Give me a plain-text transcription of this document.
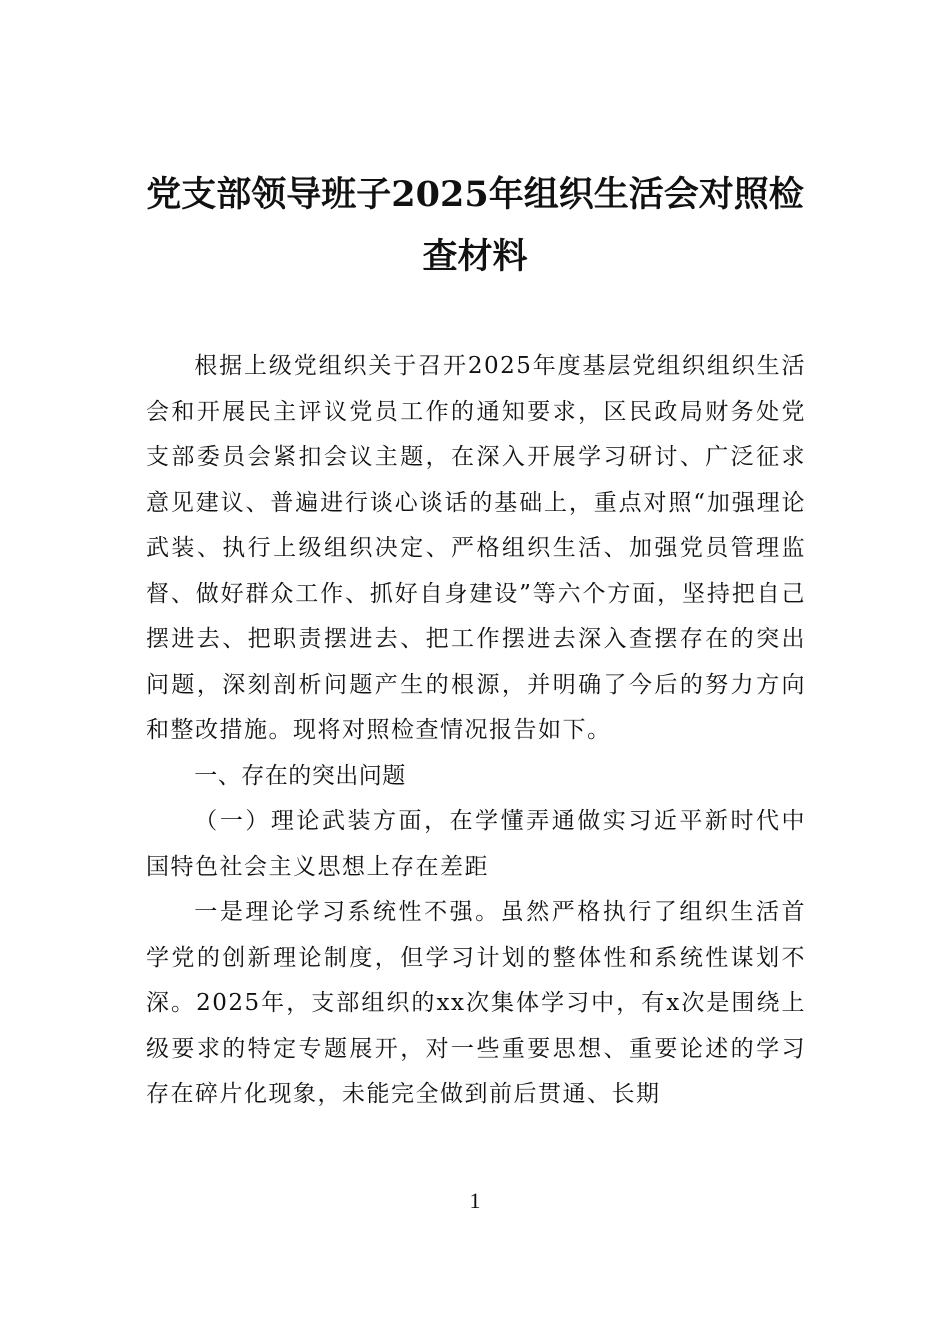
党支部领导班子2025年组织生活会对照检
查材料

根据上级党组织关于召开2025年度基层党组织组织生活会和开展民主评议党员工作的通知要求，区民政局财务处党支部委员会紧扣会议主题，在深入开展学习研讨、广泛征求意见建议、普遍进行谈心谈话的基础上，重点对照“加强理论武装、执行上级组织决定、严格组织生活、加强党员管理监督、做好群众工作、抓好自身建设”等六个方面，坚持把自己摆进去、把职责摆进去、把工作摆进去深入查摆存在的突出问题，深刻剖析问题产生的根源，并明确了今后的努力方向和整改措施。现将对照检查情况报告如下。

一、存在的突出问题

（一）理论武装方面，在学懂弄通做实习近平新时代中国特色社会主义思想上存在差距

一是理论学习系统性不强。虽然严格执行了组织生活首学党的创新理论制度，但学习计划的整体性和系统性谋划不深。2025年，支部组织的xx次集体学习中，有x次是围绕上级要求的特定专题展开，对一些重要思想、重要论述的学习存在碎片化现象，未能完全做到前后贯通、长期

1
